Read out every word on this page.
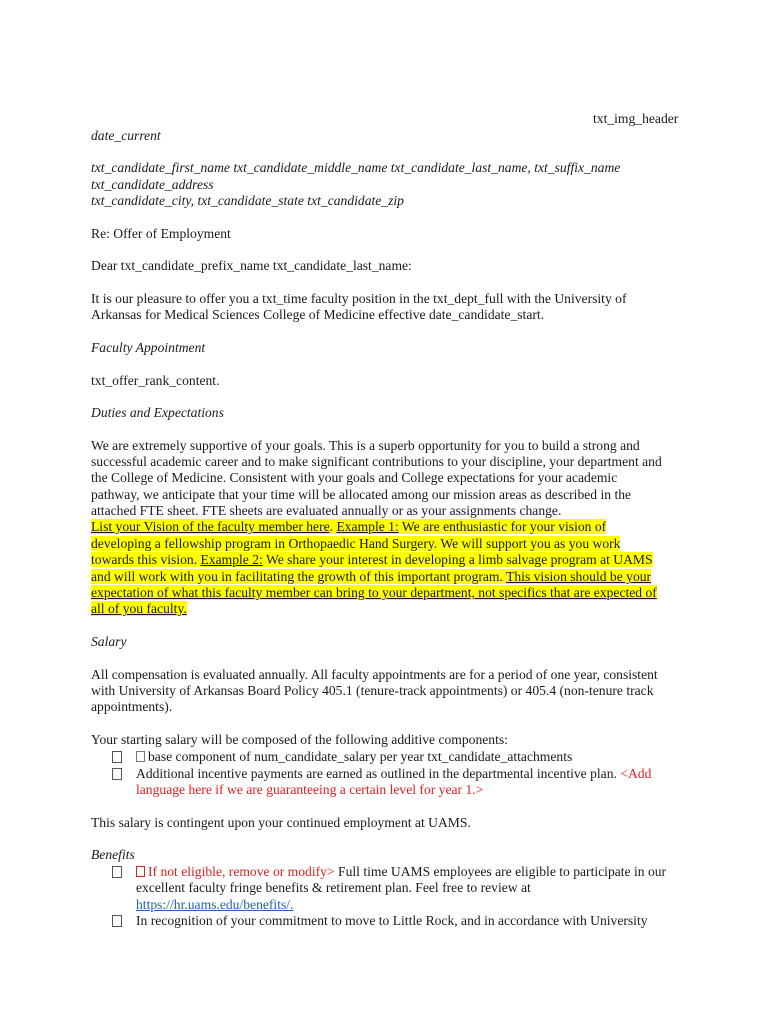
txt_img_header
date_current
txt_candidate_first_name txt_candidate_middle_name txt_candidate_last_name, txt_suffix_name
txt_candidate_address
txt_candidate_city, txt_candidate_state txt_candidate_zip
Re: Offer of Employment
Dear txt_candidate_prefix_name txt_candidate_last_name:
It is our pleasure to offer you a txt_time faculty position in the txt_dept_full with the University of
Arkansas for Medical Sciences College of Medicine effective date_candidate_start.
Faculty Appointment
txt_offer_rank_content.
Duties and Expectations
We are extremely supportive of your goals. This is a superb opportunity for you to build a strong and
successful academic career and to make significant contributions to your discipline, your department and
the College of Medicine. Consistent with your goals and College expectations for your academic
pathway, we anticipate that your time will be allocated among our mission areas as described in the
attached FTE sheet. FTE sheets are evaluated annually or as your assignments change.
List your Vision of the faculty member here. Example 1: We are enthusiastic for your vision of
developing a fellowship program in Orthopaedic Hand Surgery. We will support you as you work
towards this vision. Example 2: We share your interest in developing a limb salvage program at UAMS
and will work with you in facilitating the growth of this important program. This vision should be your
expectation of what this faculty member can bring to your department, not specifics that are expected of
all of you faculty.
Salary
All compensation is evaluated annually. All faculty appointments are for a period of one year, consistent
with University of Arkansas Board Policy 405.1 (tenure-track appointments) or 405.4 (non-tenure track
appointments).
Your starting salary will be composed of the following additive components:
base component of num_candidate_salary per year txt_candidate_attachments
Additional incentive payments are earned as outlined in the departmental incentive plan. <Add
language here if we are guaranteeing a certain level for year 1.>
This salary is contingent upon your continued employment at UAMS.
Benefits
If not eligible, remove or modify> Full time UAMS employees are eligible to participate in our
excellent faculty fringe benefits & retirement plan. Feel free to review at
https://hr.uams.edu/benefits/.
In recognition of your commitment to move to Little Rock, and in accordance with University
